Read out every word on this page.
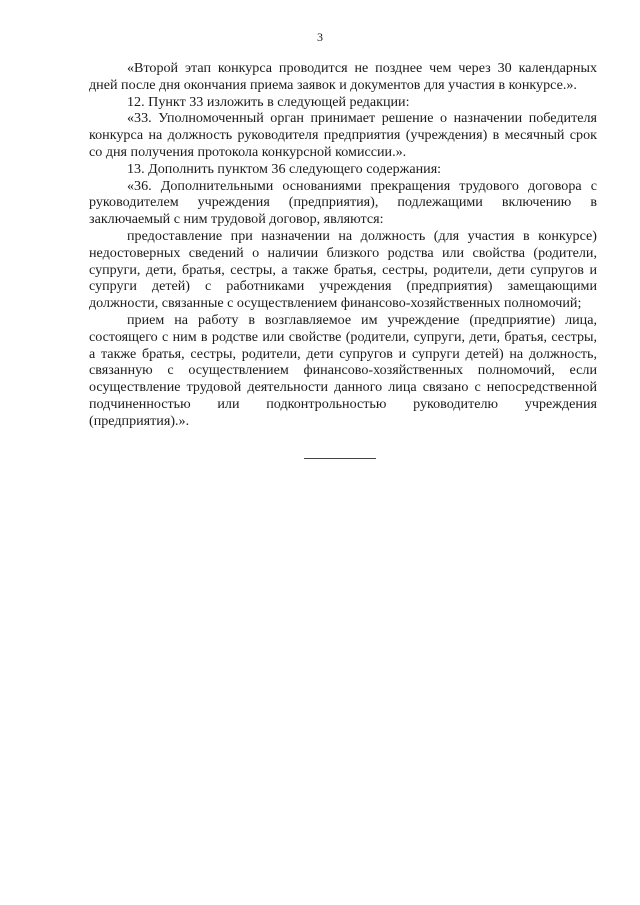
3

«Второй этап конкурса проводится не позднее чем через 30 календарных дней после дня окончания приема заявок и документов для участия в конкурсе.».

12. Пункт 33 изложить в следующей редакции:

«33. Уполномоченный орган принимает решение о назначении победителя конкурса на должность руководителя предприятия (учреждения) в месячный срок со дня получения протокола конкурсной комиссии.».

13. Дополнить пунктом 36 следующего содержания:

«36. Дополнительными основаниями прекращения трудового договора с руководителем учреждения (предприятия), подлежащими включению в заключаемый с ним трудовой договор, являются:

предоставление при назначении на должность (для участия в конкурсе) недостоверных сведений о наличии близкого родства или свойства (родители, супруги, дети, братья, сестры, а также братья, сестры, родители, дети супругов и супруги детей) с работниками учреждения (предприятия) замещающими должности, связанные с осуществлением финансово-хозяйственных полномочий;

прием на работу в возглавляемое им учреждение (предприятие) лица, состоящего с ним в родстве или свойстве (родители, супруги, дети, братья, сестры, а также братья, сестры, родители, дети супругов и супруги детей) на должность, связанную с осуществлением финансово-хозяйственных полномочий, если осуществление трудовой деятельности данного лица связано с непосредственной подчиненностью или подконтрольностью руководителю учреждения (предприятия).».
